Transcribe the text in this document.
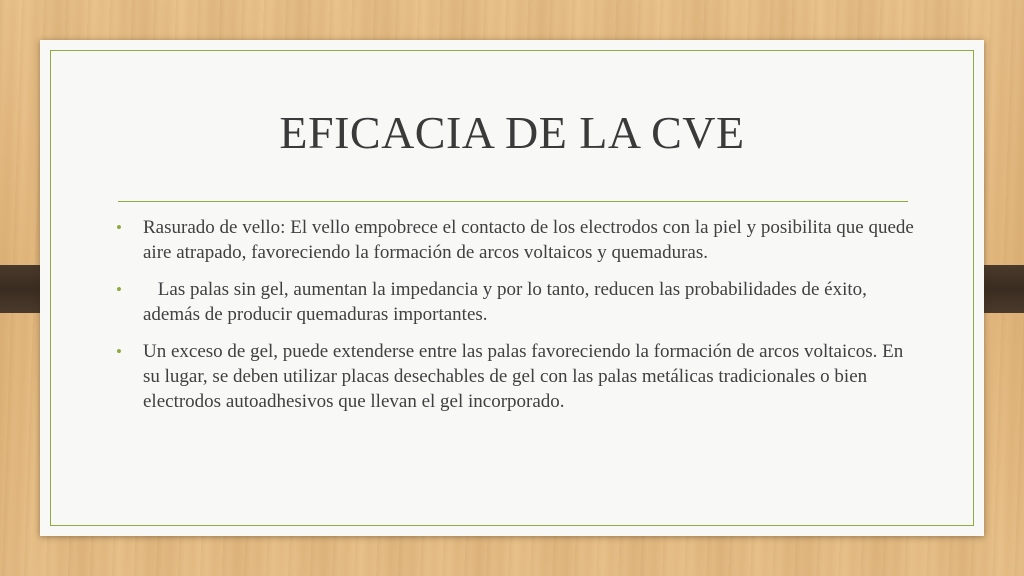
EFICACIA DE LA CVE
• Rasurado de vello: El vello empobrece el contacto de los electrodos con la piel y posibilita que quede aire atrapado, favoreciendo la formación de arcos voltaicos y quemaduras.
• Las palas sin gel, aumentan la impedancia y por lo tanto, reducen las probabilidades de éxito, además de producir quemaduras importantes.
• Un exceso de gel, puede extenderse entre las palas favoreciendo la formación de arcos voltaicos. En su lugar, se deben utilizar placas desechables de gel con las palas metálicas tradicionales o bien electrodos autoadhesivos que llevan el gel incorporado.
